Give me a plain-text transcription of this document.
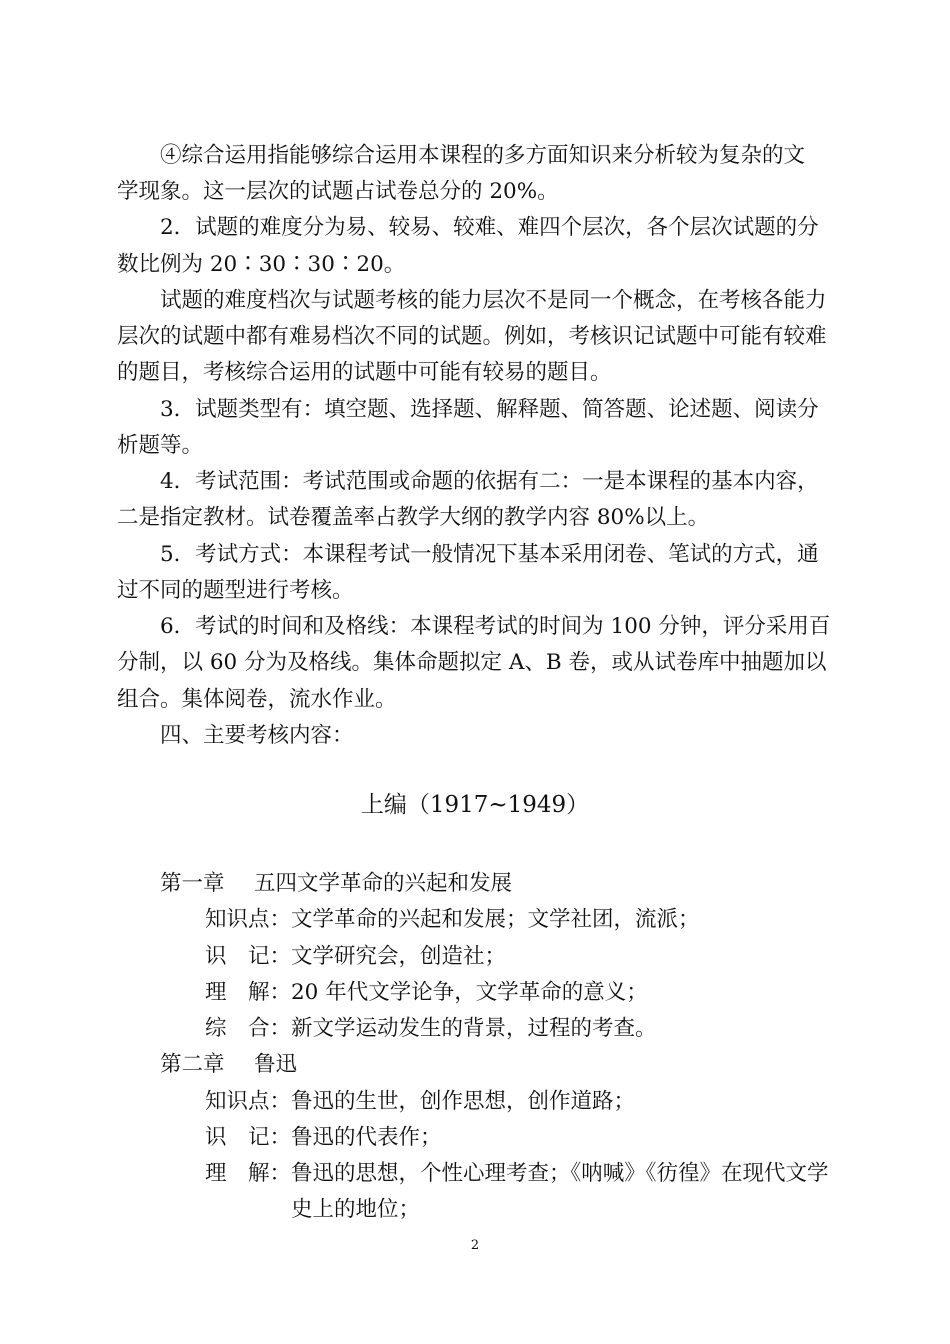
④综合运用指能够综合运用本课程的多方面知识来分析较为复杂的文
学现象。这一层次的试题占试卷总分的 20%。
2．试题的难度分为易、较易、较难、难四个层次，各个层次试题的分
数比例为 20∶30∶30∶20。
试题的难度档次与试题考核的能力层次不是同一个概念，在考核各能力
层次的试题中都有难易档次不同的试题。例如，考核识记试题中可能有较难
的题目，考核综合运用的试题中可能有较易的题目。
3．试题类型有：填空题、选择题、解释题、简答题、论述题、阅读分
析题等。
4．考试范围：考试范围或命题的依据有二：一是本课程的基本内容，
二是指定教材。试卷覆盖率占教学大纲的教学内容 80%以上。
5．考试方式：本课程考试一般情况下基本采用闭卷、笔试的方式，通
过不同的题型进行考核。
6．考试的时间和及格线：本课程考试的时间为 100 分钟，评分采用百
分制，以 60 分为及格线。集体命题拟定 A、B 卷，或从试卷库中抽题加以
组合。集体阅卷，流水作业。
四、主要考核内容：
上编（1917~1949）
第一章 五四文学革命的兴起和发展
知识点：文学革命的兴起和发展；文学社团，流派；
识　记：文学研究会，创造社；
理　解：20 年代文学论争，文学革命的意义；
综　合：新文学运动发生的背景，过程的考查。
第二章 鲁迅
知识点：鲁迅的生世，创作思想，创作道路；
识　记：鲁迅的代表作；
理　解：鲁迅的思想，个性心理考查；《呐喊》《彷徨》在现代文学
史上的地位；
2
